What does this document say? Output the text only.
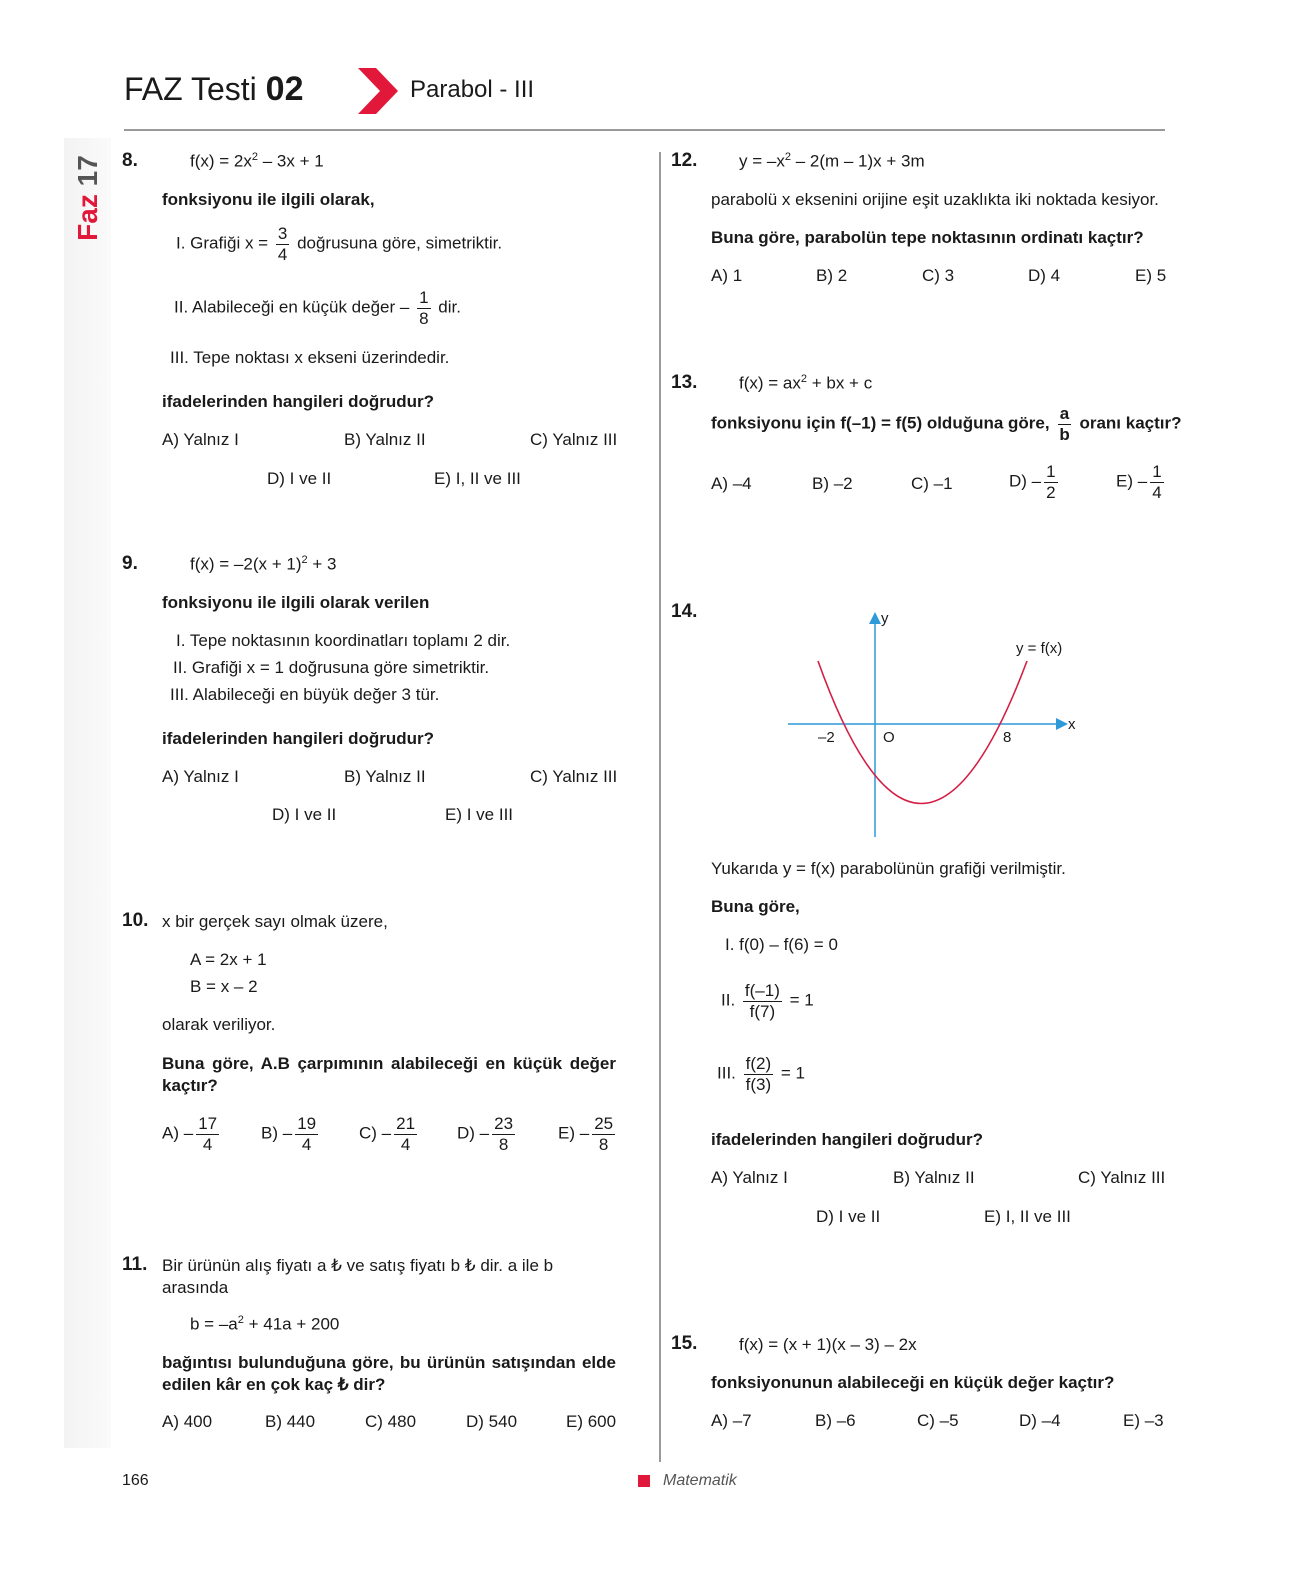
FAZ Testi 02	Parabol - III
Faz 17 8.	$f(x) = 2x^2 - 3x + 1$
fonksiyonu ile ilgili olarak,
I. Grafiği $x = \frac{3}{4}$ doğrusuna göre, simetriktir.
II. Alabileceği en küçük değer – $\frac{1}{8}$ dir.
III. Tepe noktası x ekseni üzerindedir.
ifadelerinden hangileri doğrudur?
A) Yalnız I	B) Yalnız II	C) Yalnız III
D) I ve II	E) I, II ve III
9.	$f(x) = -2(x + 1)^2 + 3$
fonksiyonu ile ilgili olarak verilen
I. Tepe noktasının koordinatları toplamı 2 dir.
II. Grafiği x = 1 doğrusuna göre simetriktir.
III. Alabileceği en büyük değer 3 tür.
ifadelerinden hangileri doğrudur?
A) Yalnız I	B) Yalnız II	C) Yalnız III
D) I ve II	E) I ve III
10. x bir gerçek sayı olmak üzere,
A = 2x + 1
B = x – 2
olarak veriliyor.
Buna göre, A.B çarpımının alabileceği en küçük değer kaçtır?
$A) - \frac{17}{4} B) - \frac{19}{4} C) - \frac{21}{4} D) - \frac{23}{8}$	$E) - \frac{25}{8}$
11. Bir ürünün alış fiyatı a ₺ ve satış fiyatı b ₺ dir. a ile b arasında
$b = -a^2 + 41a + 200$
bağıntısı bulunduğuna göre, bu ürünün satışından elde edilen kâr en çok kaç ₺ dir?
A) 400	B) 440	C) 480	D) 540	E) 600
12. $y = -x^2 - 2(m - 1)x + 3m$
parabolü x eksenini orijine eşit uzaklıkta iki noktada kesiyor.
Buna göre, parabolün tepe noktasının ordinatı kaçtır?
A) 1	B) 2	C) 3	D) 4	E) 5
13. $f(x) = ax^2$ + bx + c
fonksiyonu için f(–1) = f(5) olduğuna göre, $\frac{a}{b}$ oranı kaçtır?
A) –4	B) –2	C) –1	$D) - \frac{1}{2}$	$E) - \frac{1}{4}$
14.	y
x
y = f(x)
O
–2	8
Yukarıda y = f(x) parabolünün grafiği verilmiştir.
Buna göre,
I. f(0) – f(6) = 0
II. $\frac{f(-1)}{f(7)} = 1$
III. $\frac{f(2)}{f(3)} = 1$
ifadelerinden hangileri doğrudur?
A) Yalnız I	B) Yalnız II	C) Yalnız III
D) I ve II	E) I, II ve III
15. f(x) = (x + 1)(x – 3) – 2x
fonksiyonunun alabileceği en küçük değer kaçtır?
A) –7	B) –6	C) –5	D) –4	E) –3
166	Matematik
